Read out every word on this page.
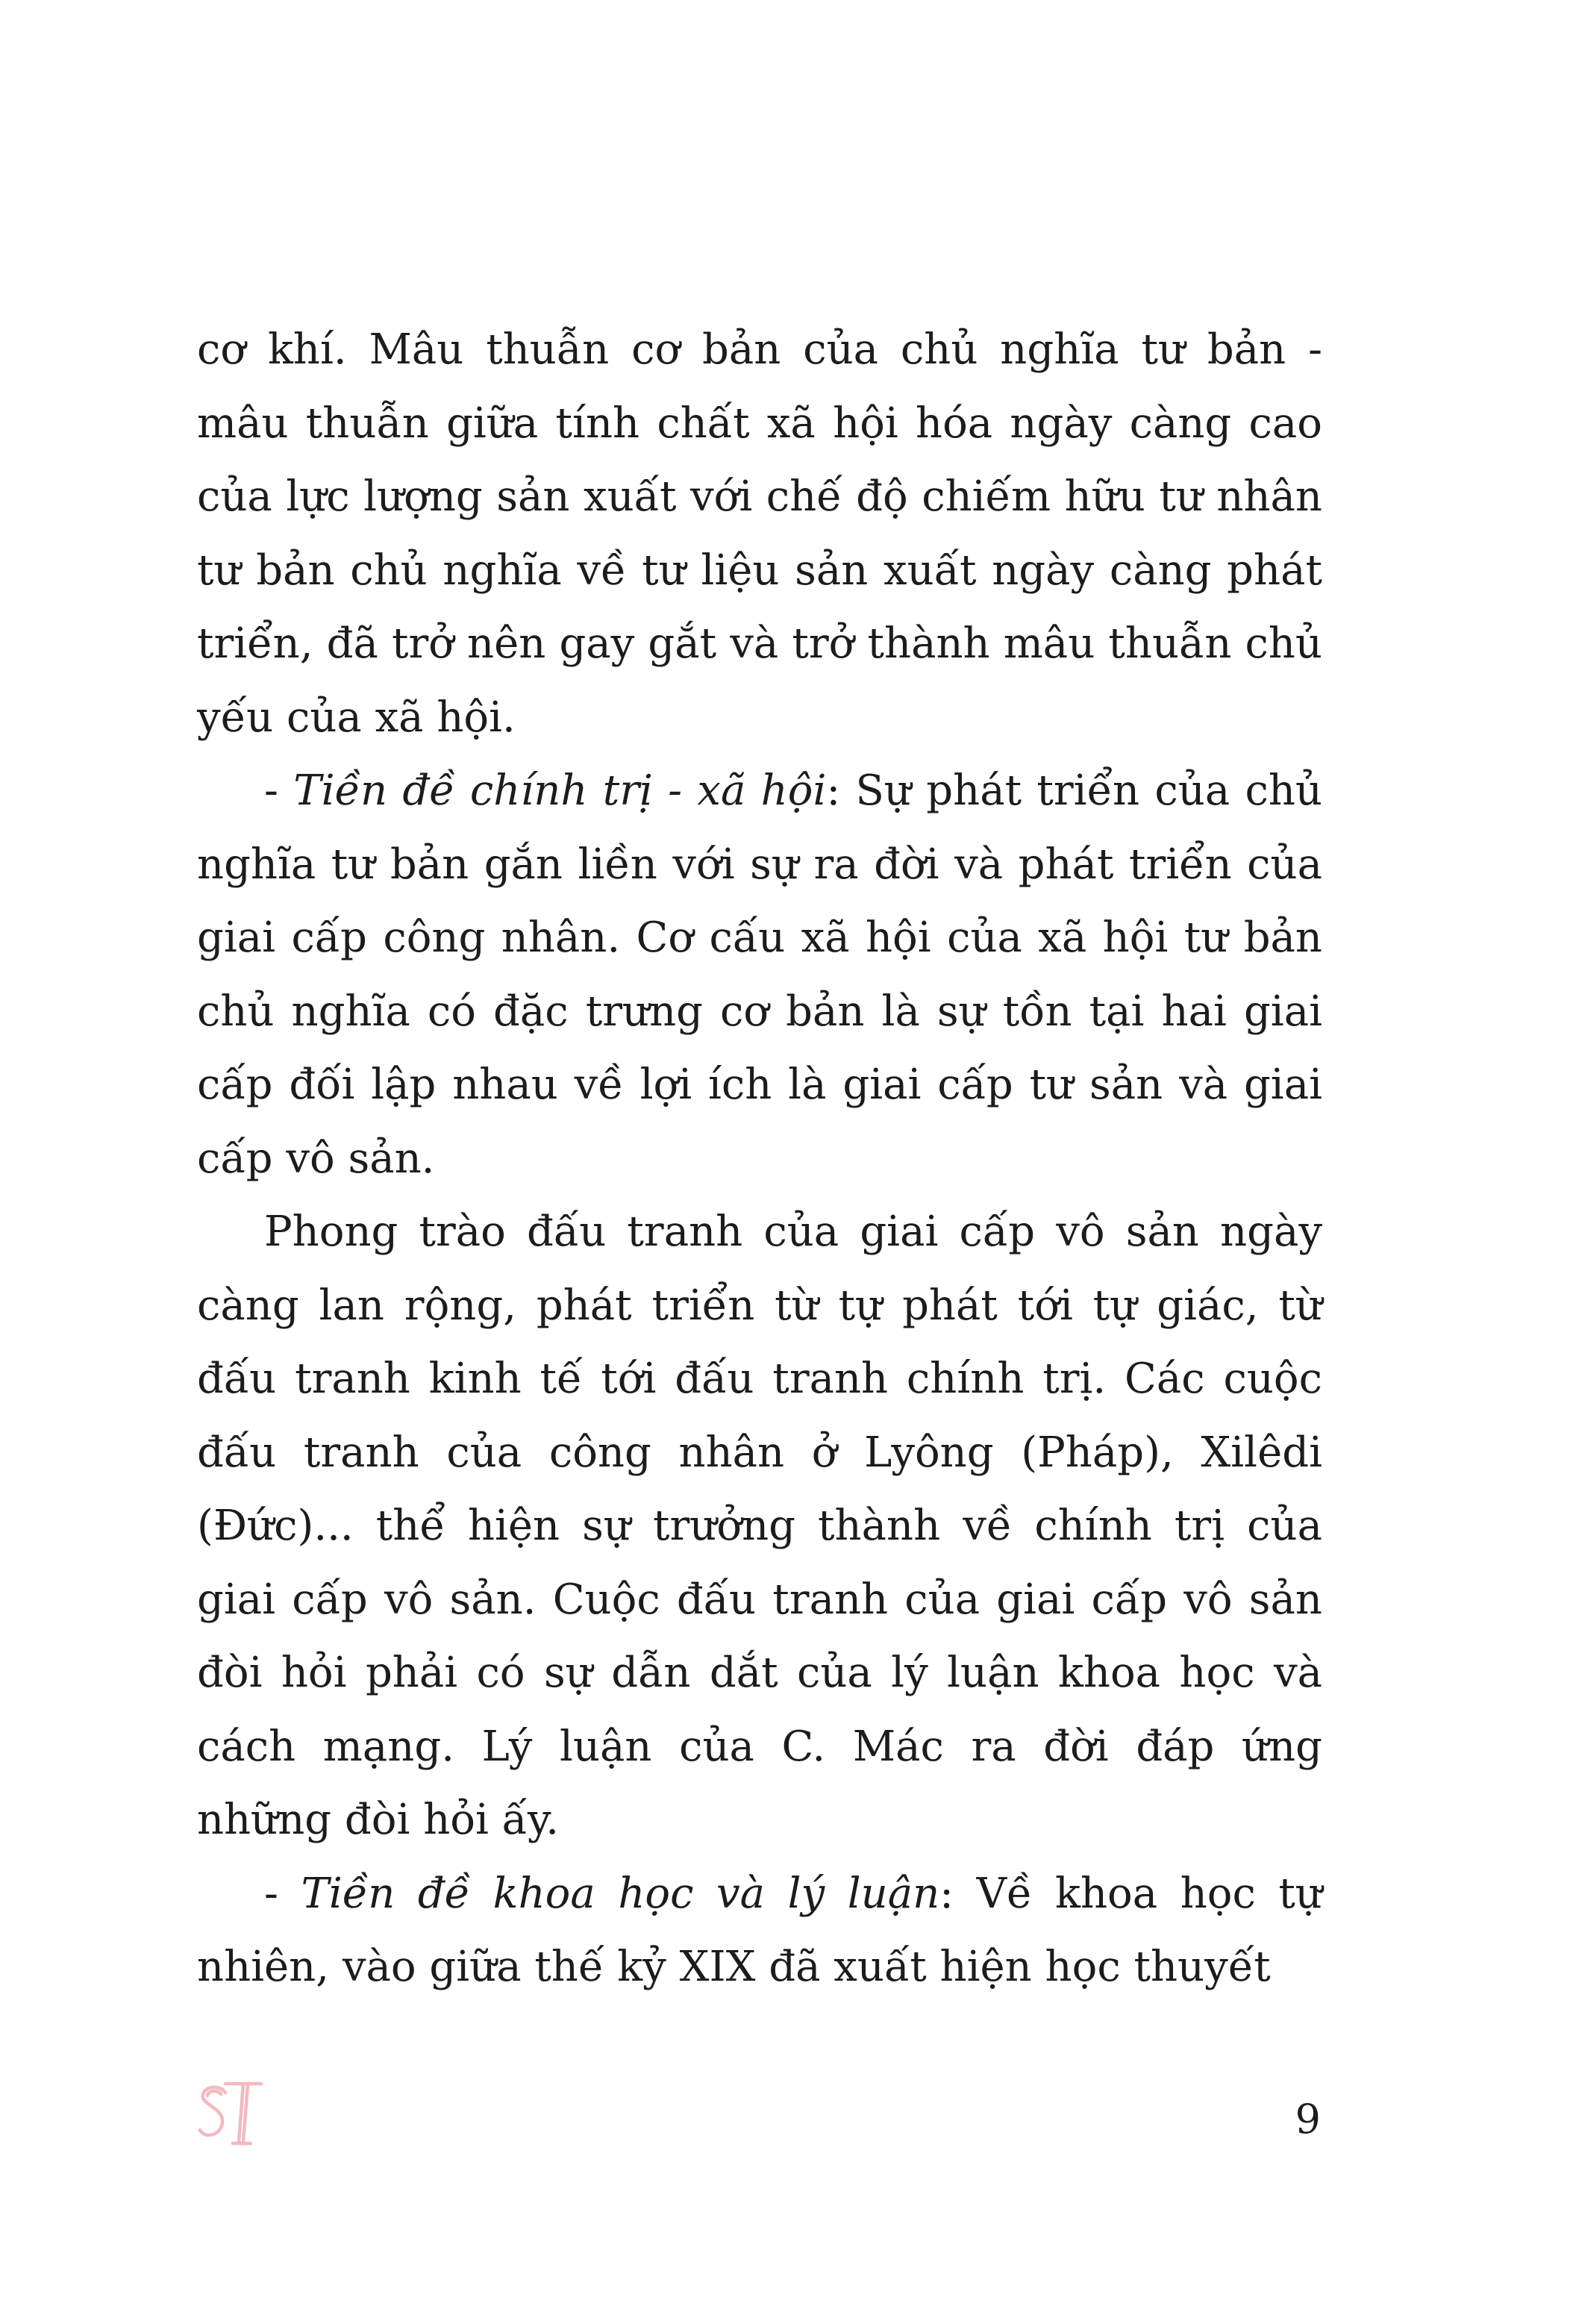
cơ khí. Mâu thuẫn cơ bản của chủ nghĩa tư bản - mâu thuẫn giữa tính chất xã hội hóa ngày càng cao của lực lượng sản xuất với chế độ chiếm hữu tư nhân tư bản chủ nghĩa về tư liệu sản xuất ngày càng phát triển, đã trở nên gay gắt và trở thành mâu thuẫn chủ yếu của xã hội.

- Tiền đề chính trị - xã hội: Sự phát triển của chủ nghĩa tư bản gắn liền với sự ra đời và phát triển của giai cấp công nhân. Cơ cấu xã hội của xã hội tư bản chủ nghĩa có đặc trưng cơ bản là sự tồn tại hai giai cấp đối lập nhau về lợi ích là giai cấp tư sản và giai cấp vô sản.

Phong trào đấu tranh của giai cấp vô sản ngày càng lan rộng, phát triển từ tự phát tới tự giác, từ đấu tranh kinh tế tới đấu tranh chính trị. Các cuộc đấu tranh của công nhân ở Lyông (Pháp), Xilêdi (Đức)... thể hiện sự trưởng thành về chính trị của giai cấp vô sản. Cuộc đấu tranh của giai cấp vô sản đòi hỏi phải có sự dẫn dắt của lý luận khoa học và cách mạng. Lý luận của C. Mác ra đời đáp ứng những đòi hỏi ấy.

- Tiền đề khoa học và lý luận: Về khoa học tự nhiên, vào giữa thế kỷ XIX đã xuất hiện học thuyết

9
